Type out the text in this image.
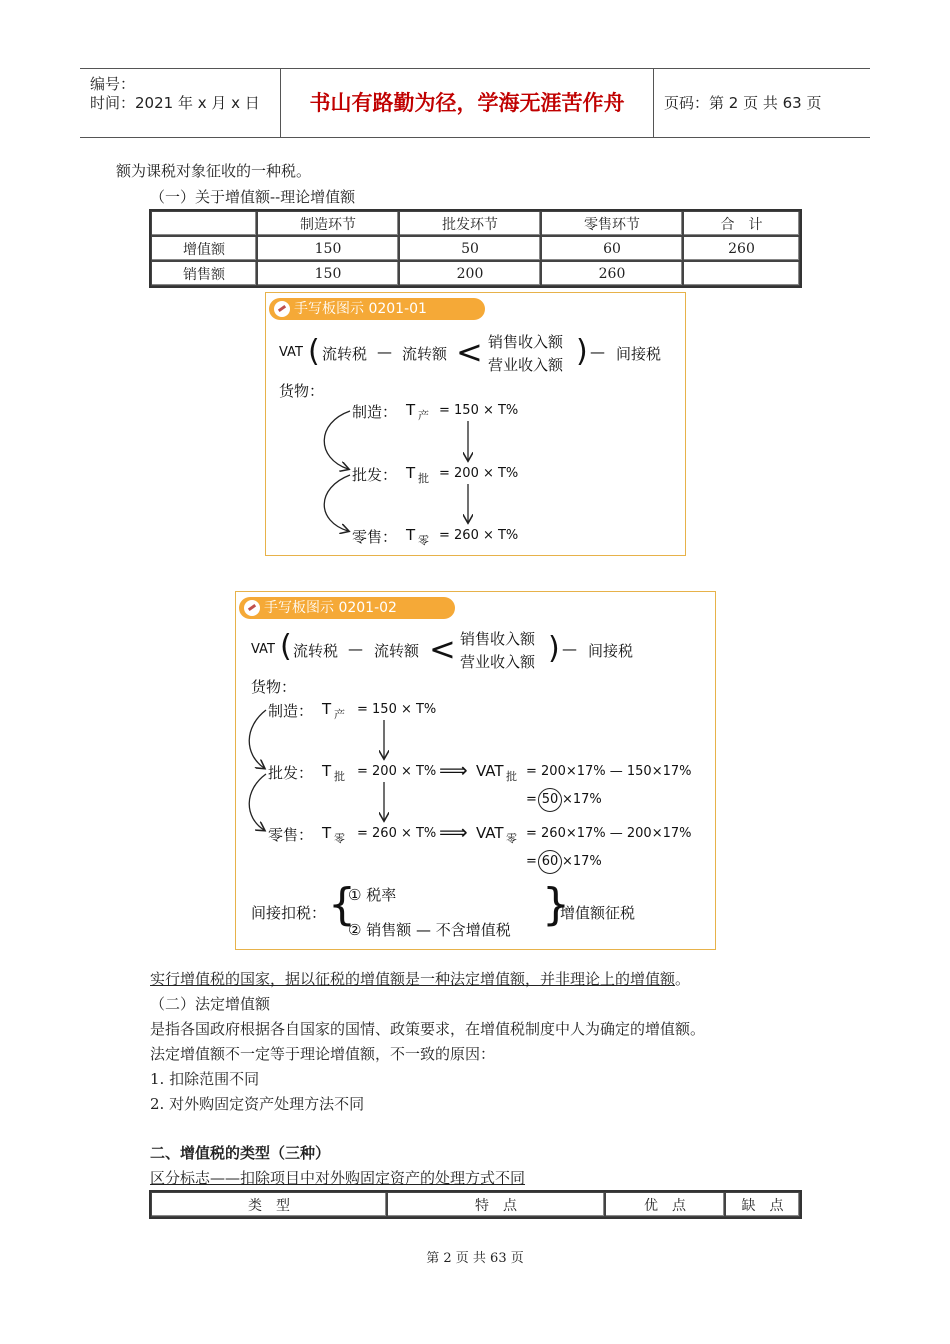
编号：
时间：2021 年 x 月 x 日	书山有路勤为径，学海无涯苦作舟	页码：第 2 页 共 63 页
额为课税对象征收的一种税。
（一）关于增值额--理论增值额
	制造环节	批发环节	零售环节	合　计
增值额	150	50	60	260
销售额	150	200	260	
手写板图示 0201-01
VAT ( 流转税 — 流转额 < 销售收入额
营业收入额 ) — 间接税
货物：
制造： T 产 = 150 × T%
批发： T 批 = 200 × T%
零售： T 零 = 260 × T%
手写板图示 0201-02
VAT ( 流转税 — 流转额 < 销售收入额
营业收入额 ) — 间接税
货物：
制造： T 产 = 150 × T%
批发： T 批 = 200 × T% ⟹ VAT 批 = 200×17% — 150×17%
= 50 ×17%
零售： T 零 = 260 × T% ⟹ VAT 零 = 260×17% — 200×17%
= 60 ×17%
间接扣税： {
① 税率
② 销售额 — 不含增值税 }
增值额征税
实行增值税的国家，据以征税的增值额是一种法定增值额，并非理论上的增值额。
（二）法定增值额
是指各国政府根据各自国家的国情、政策要求，在增值税制度中人为确定的增值额。
法定增值额不一定等于理论增值额，不一致的原因：
1. 扣除范围不同
2. 对外购固定资产处理方法不同
二、增值税的类型（三种）
区分标志——扣除项目中对外购固定资产的处理方式不同
类　型	特　点	优　点	缺　点
第 2 页 共 63 页
